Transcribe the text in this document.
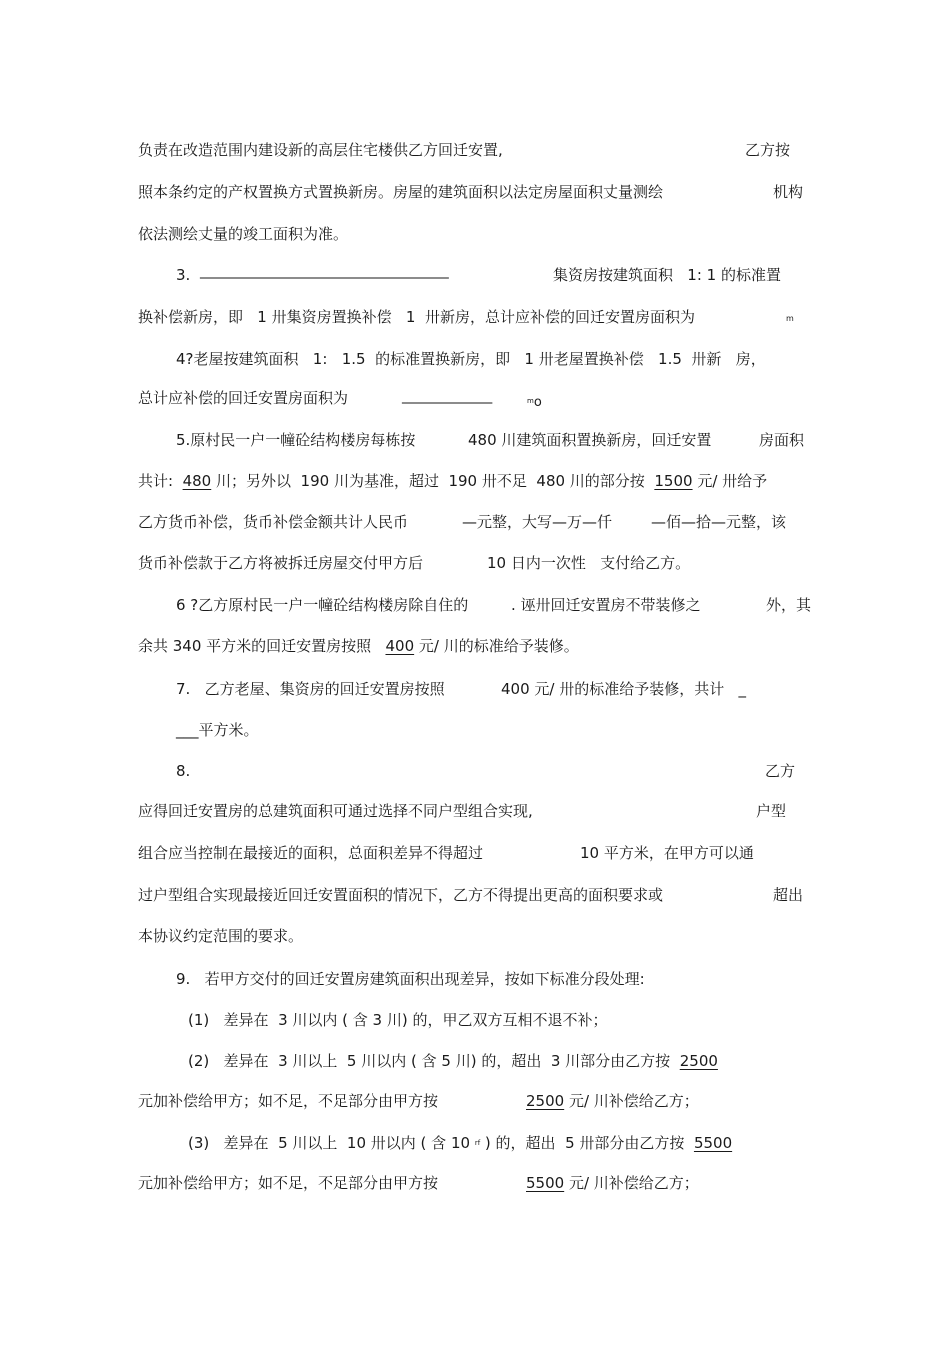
负责在改造范围内建设新的高层住宅楼供乙方回迁安置,	乙方按
照本条约定的产权置换方式置换新房。房屋的建筑面积以法定房屋面积丈量测绘	机构
依法测绘丈量的竣工面积为准。
3. ________________________________________	集资房按建筑面积   1: 1 的标准置
换补偿新房，即   1 卅集资房置换补偿   1  卅新房，总计应补偿的回迁安置房面积为	m
4?老屋按建筑面积   1:   1.5  的标准置换新房，即   1 卅老屋置换补偿   1.5  卅新   房，
总计应补偿的回迁安置房面积为	______________	$^m$o
5.原村民一户一幢砼结构楼房每栋按	480 川建筑面积置换新房，回迁安置	房面积
共计:  480 川；另外以  190 川为基准，超过  190 卅不足  480 川的部分按  1500 元/ 卅给予
乙方货币补偿，货币补偿金额共计人民币	—元整，大写—万—仟	—佰—拾—元整，该
货币补偿款于乙方将被拆迁房屋交付甲方后	10 日内一次性   支付给乙方。
6 ?乙方原村民一户一幢砼结构楼房除自住的	. 诬卅回迁安置房不带装修之	外，其
余共 340 平方米的回迁安置房按照   400 元/ 川的标准给予装修。
7.   乙方老屋、集资房的回迁安置房按照	400 元/ 卅的标准给予装修，共计   _
___平方米。
8.	乙方
应得回迁安置房的总建筑面积可通过选择不同户型组合实现,	户型
组合应当控制在最接近的面积，总面积差异不得超过	10 平方米，在甲方可以通
过户型组合实现最接近回迁安置面积的情况下，乙方不得提出更高的面积要求或	超出
本协议约定范围的要求。
9.   若甲方交付的回迁安置房建筑面积出现差异，按如下标准分段处理:
(1)   差异在  3 川以内 ( 含 3 川) 的，甲乙双方互相不退不补；
(2)   差异在  3 川以上  5 川以内 ( 含 5 川) 的，超出  3 川部分由乙方按  2500
元加补偿给甲方；如不足，不足部分由甲方按	2500 元/ 川补偿给乙方；
(3)   差异在  5 川以上  10 卅以内 ( 含 10 $^{rf}$ ) 的，超出  5 卅部分由乙方按  5500
元加补偿给甲方；如不足，不足部分由甲方按	5500 元/ 川补偿给乙方；
